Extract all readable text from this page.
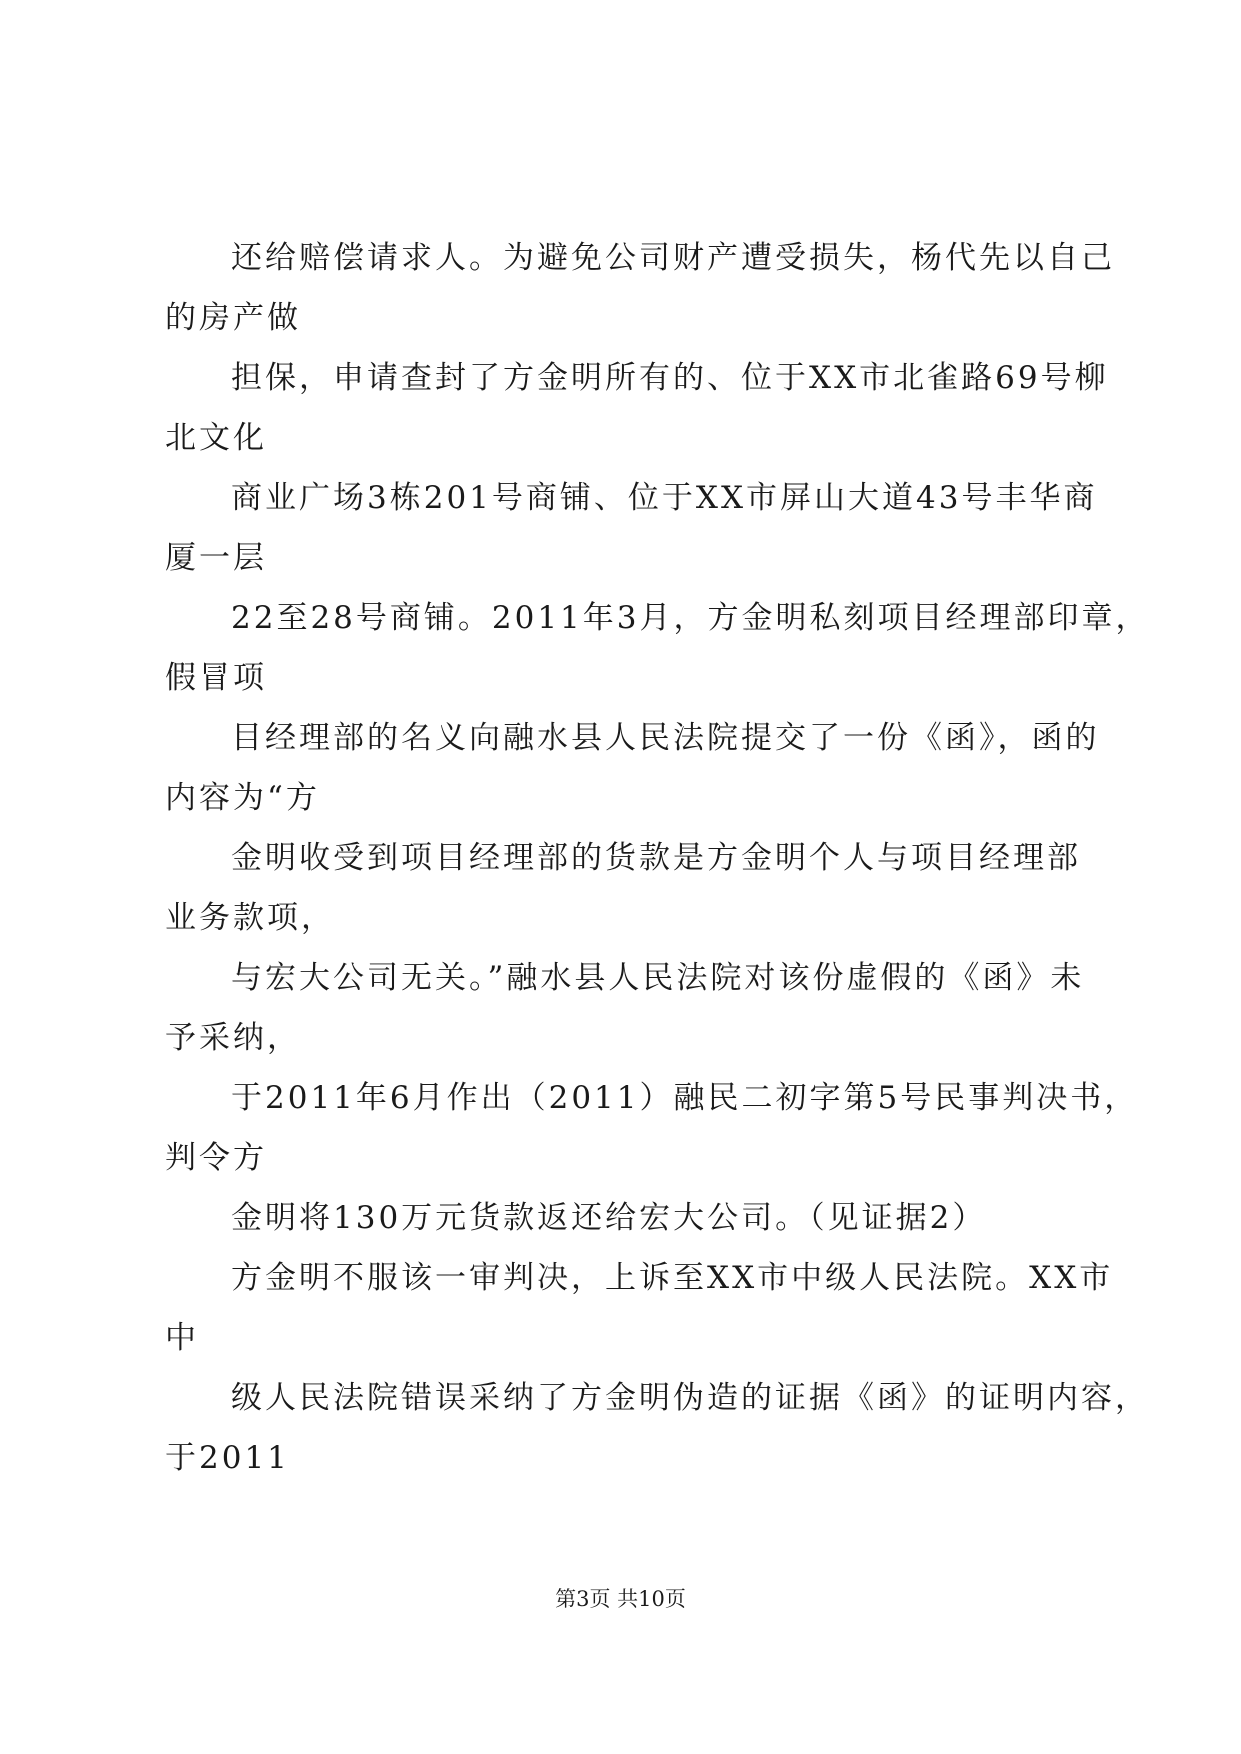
还给赔偿请求人。为避免公司财产遭受损失，杨代先以自己
的房产做
担保，申请查封了方金明所有的、位于XX市北雀路69号柳
北文化
商业广场3栋201号商铺、位于XX市屏山大道43号丰华商
厦一层
22至28号商铺。2011年3月，方金明私刻项目经理部印章，
假冒项
目经理部的名义向融水县人民法院提交了一份《函》，函的
内容为“方
金明收受到项目经理部的货款是方金明个人与项目经理部
业务款项，
与宏大公司无关。”融水县人民法院对该份虚假的《函》未
予采纳，
于2011年6月作出（2011）融民二初字第5号民事判决书，
判令方
金明将130万元货款返还给宏大公司。（见证据2）
方金明不服该一审判决，上诉至XX市中级人民法院。XX市
中
级人民法院错误采纳了方金明伪造的证据《函》的证明内容，
于2011
第3页 共10页
